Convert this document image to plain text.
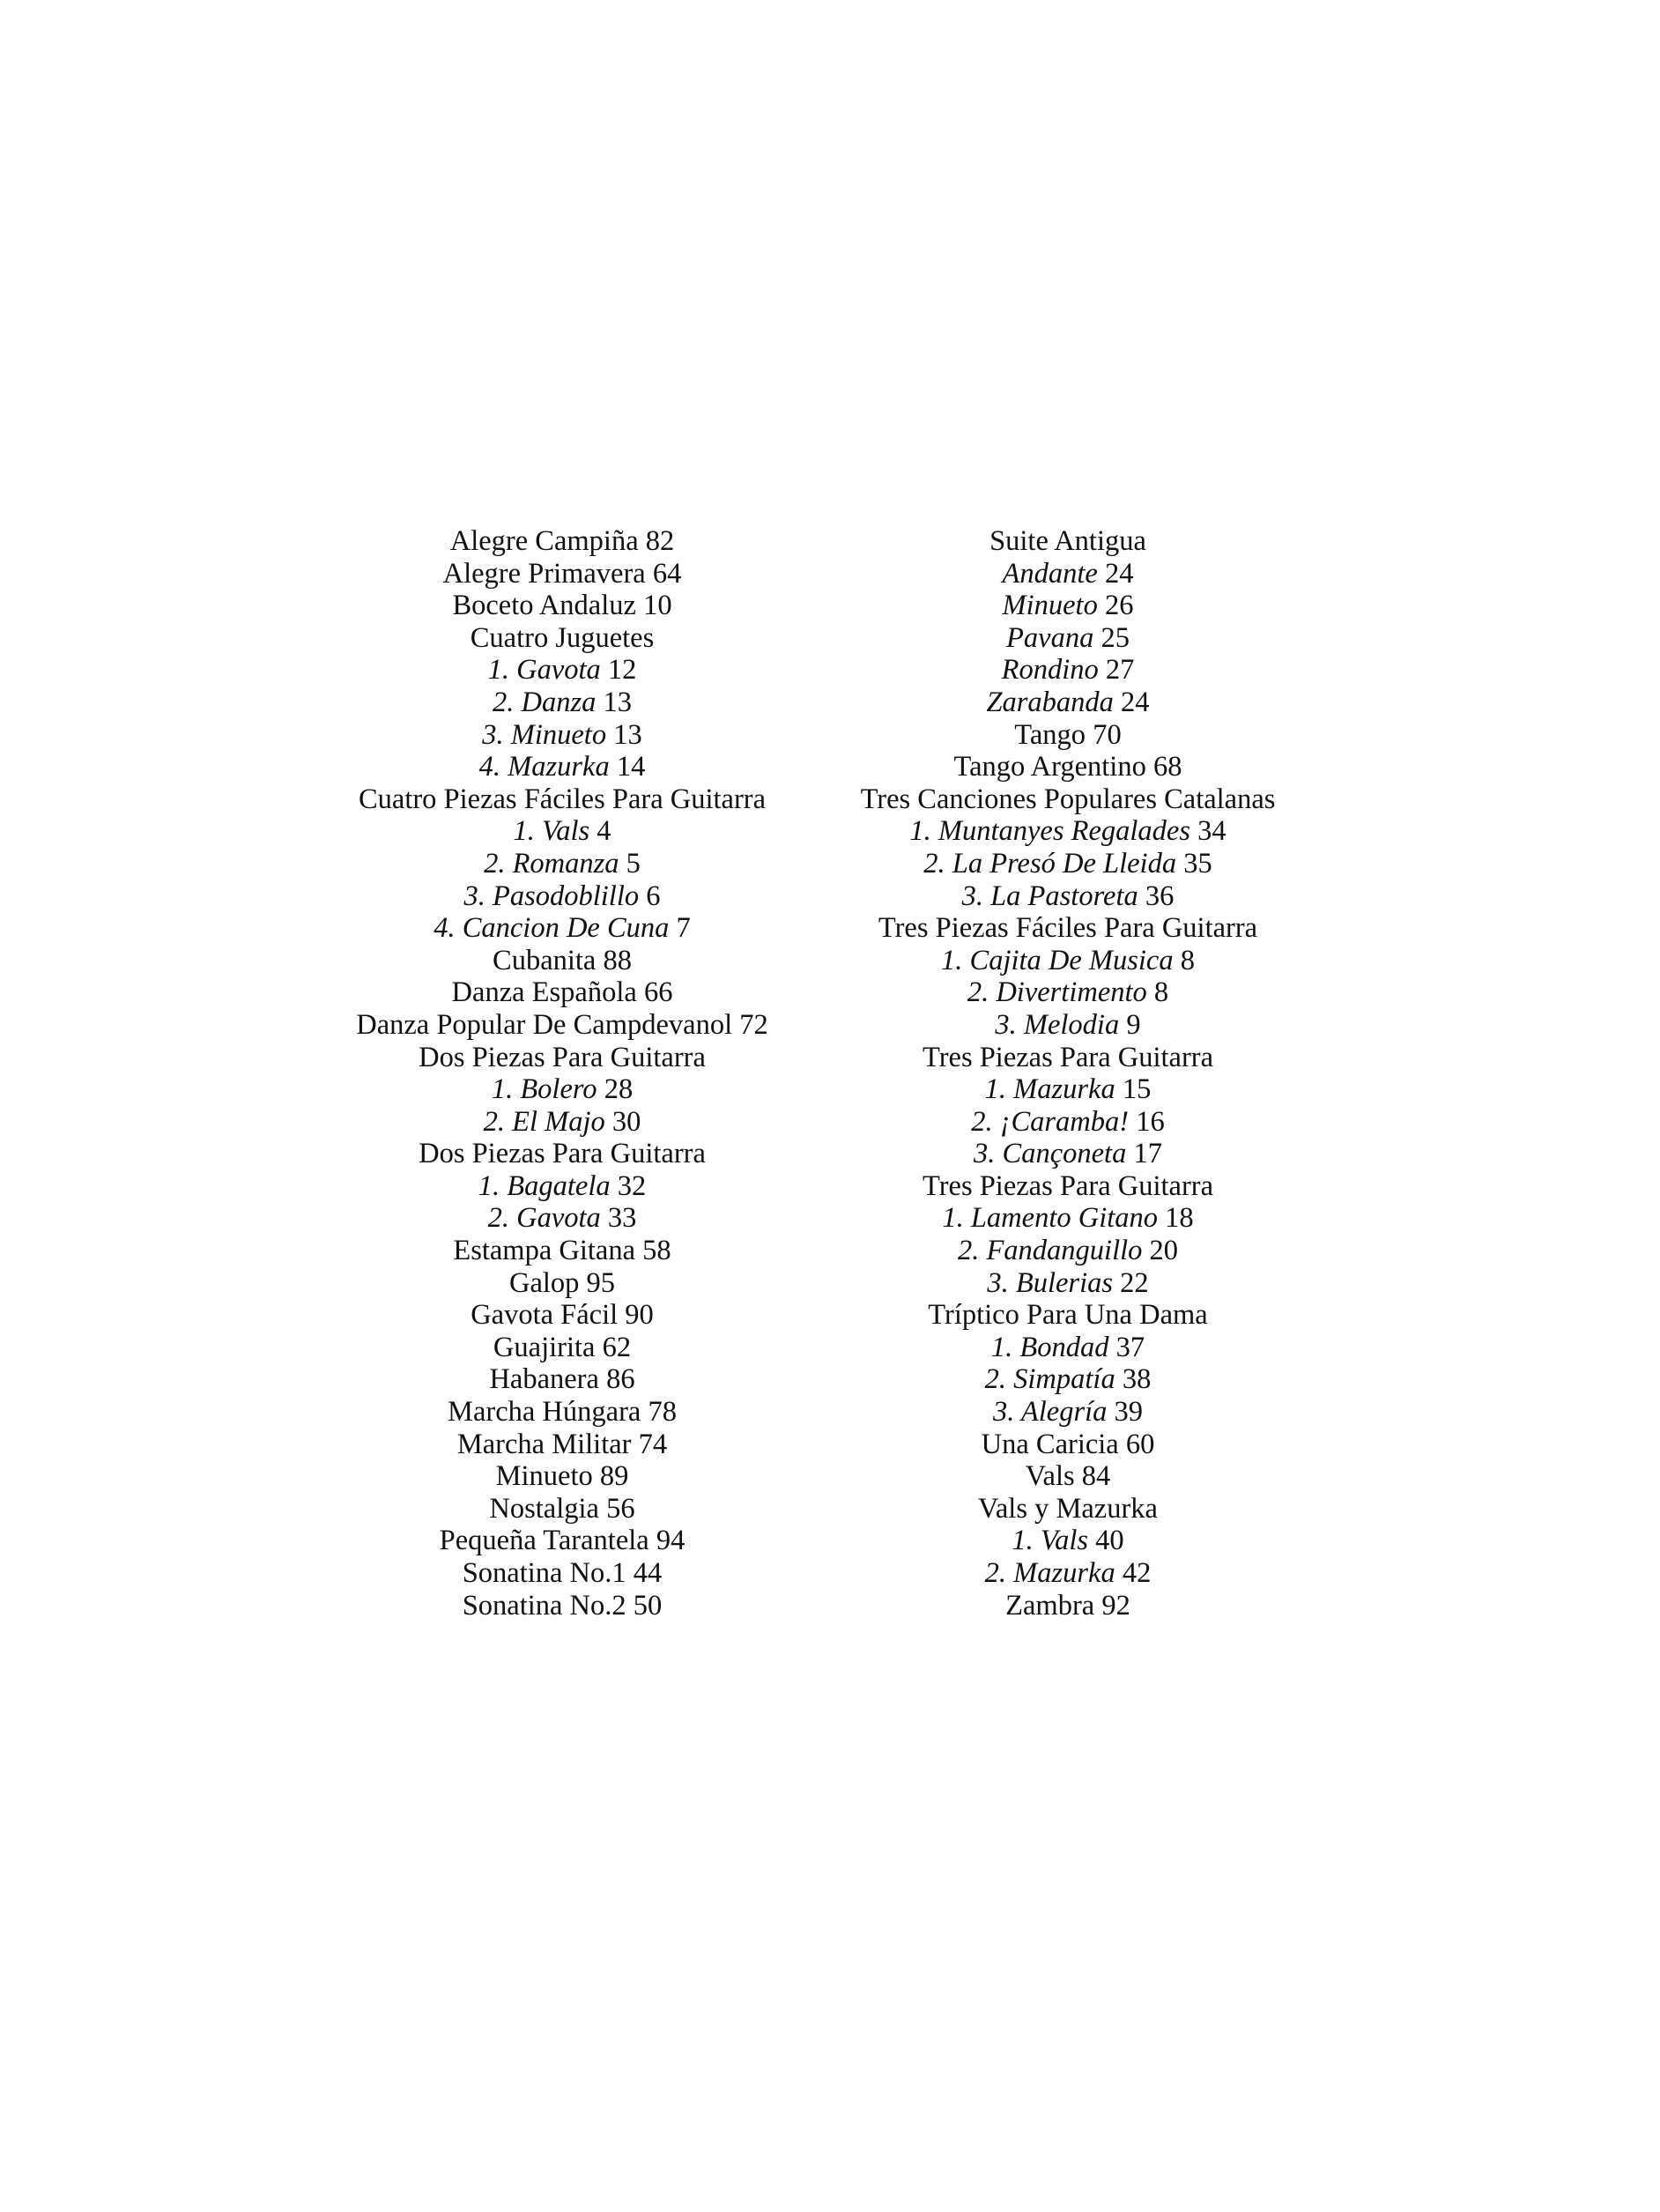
Alegre Campiña 82
Alegre Primavera 64
Boceto Andaluz 10
Cuatro Juguetes
1. Gavota 12
2. Danza 13
3. Minueto 13
4. Mazurka 14
Cuatro Piezas Fáciles Para Guitarra
1. Vals 4
2. Romanza 5
3. Pasodoblillo 6
4. Cancion De Cuna 7
Cubanita 88
Danza Española 66
Danza Popular De Campdevanol 72
Dos Piezas Para Guitarra
1. Bolero 28
2. El Majo 30
Dos Piezas Para Guitarra
1. Bagatela 32
2. Gavota 33
Estampa Gitana 58
Galop 95
Gavota Fácil 90
Guajirita 62
Habanera 86
Marcha Húngara 78
Marcha Militar 74
Minueto 89
Nostalgia 56
Pequeña Tarantela 94
Sonatina No.1 44
Sonatina No.2 50
Suite Antigua
Andante 24
Minueto 26
Pavana 25
Rondino 27
Zarabanda 24
Tango 70
Tango Argentino 68
Tres Canciones Populares Catalanas
1. Muntanyes Regalades 34
2. La Presó De Lleida 35
3. La Pastoreta 36
Tres Piezas Fáciles Para Guitarra
1. Cajita De Musica 8
2. Divertimento 8
3. Melodia 9
Tres Piezas Para Guitarra
1. Mazurka 15
2. ¡Caramba! 16
3. Cançoneta 17
Tres Piezas Para Guitarra
1. Lamento Gitano 18
2. Fandanguillo 20
3. Bulerias 22
Tríptico Para Una Dama
1. Bondad 37
2. Simpatía 38
3. Alegría 39
Una Caricia 60
Vals 84
Vals y Mazurka
1. Vals 40
2. Mazurka 42
Zambra 92
